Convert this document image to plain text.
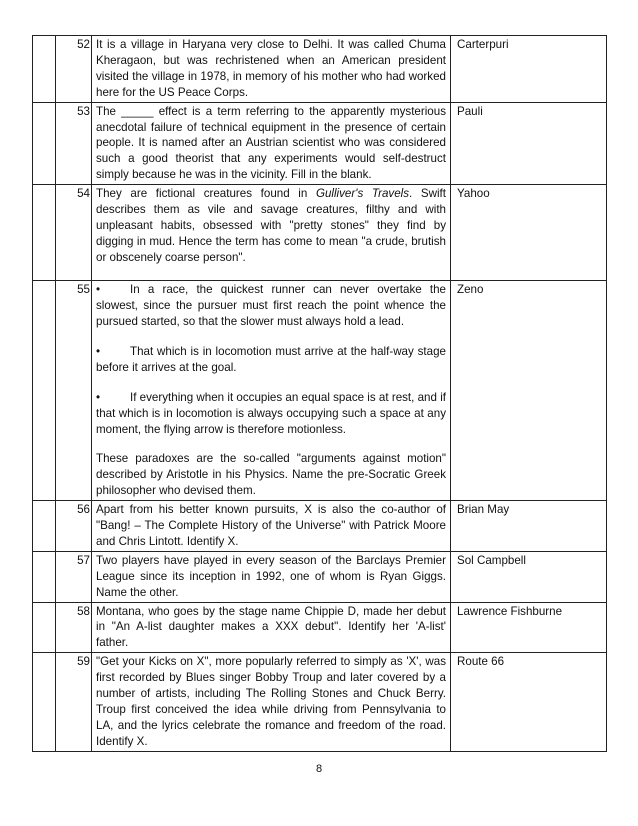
	52	It is a village in Haryana very close to Delhi. It was called Chuma Kheragaon, but was rechristened when an American president visited the village in 1978, in memory of his mother who had worked here for the US Peace Corps.	Carterpuri
	53	The _____ effect is a term referring to the apparently mysterious anecdotal failure of technical equipment in the presence of certain people. It is named after an Austrian scientist who was considered such a good theorist that any experiments would self-destruct simply because he was in the vicinity. Fill in the blank.	Pauli
	54	They are fictional creatures found in Gulliver's Travels. Swift describes them as vile and savage creatures, filthy and with unpleasant habits, obsessed with "pretty stones" they find by digging in mud. Hence the term has come to mean "a crude, brutish or obscenely coarse person".	Yahoo
	55	• In a race, the quickest runner can never overtake the slowest, since the pursuer must first reach the point whence the pursued started, so that the slower must always hold a lead.

• That which is in locomotion must arrive at the half-way stage before it arrives at the goal.

• If everything when it occupies an equal space is at rest, and if that which is in locomotion is always occupying such a space at any moment, the flying arrow is therefore motionless.

These paradoxes are the so-called "arguments against motion" described by Aristotle in his Physics. Name the pre-Socratic Greek philosopher who devised them.	Zeno
	56	Apart from his better known pursuits, X is also the co-author of "Bang! – The Complete History of the Universe" with Patrick Moore and Chris Lintott. Identify X.	Brian May
	57	Two players have played in every season of the Barclays Premier League since its inception in 1992, one of whom is Ryan Giggs. Name the other.	Sol Campbell
	58	Montana, who goes by the stage name Chippie D, made her debut in "An A-list daughter makes a XXX debut". Identify her 'A-list' father.	Lawrence Fishburne
	59	"Get your Kicks on X", more popularly referred to simply as 'X', was first recorded by Blues singer Bobby Troup and later covered by a number of artists, including The Rolling Stones and Chuck Berry. Troup first conceived the idea while driving from Pennsylvania to LA, and the lyrics celebrate the romance and freedom of the road. Identify X.	Route 66
8
